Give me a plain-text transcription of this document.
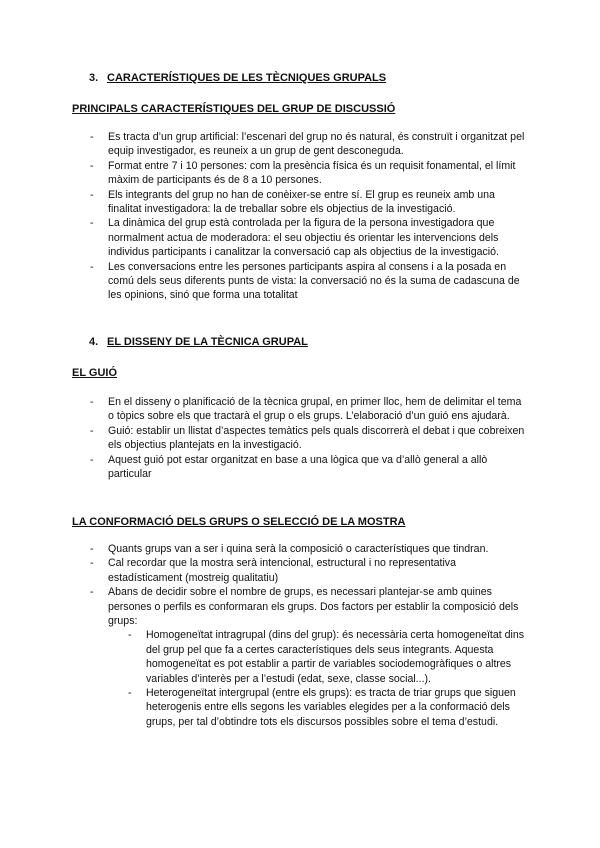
3. CARACTERÍSTIQUES DE LES TÈCNIQUES GRUPALS
PRINCIPALS CARACTERÍSTIQUES DEL GRUP DE DISCUSSIÓ
- Es tracta d’un grup artificial: l’escenari del grup no és natural, és construït i organitzat pel equip investigador, es reuneix a un grup de gent desconeguda.
- Format entre 7 i 10 persones: com la presència física és un requisit fonamental, el límit màxim de participants és de 8 a 10 persones.
- Els integrants del grup no han de conèixer-se entre sí. El grup es reuneix amb una finalitat investigadora: la de treballar sobre els objectius de la investigació.
- La dinàmica del grup està controlada per la figura de la persona investigadora que normalment actua de moderadora: el seu objectiu és orientar les intervencions dels individus participants i canalitzar la conversació cap als objectius de la investigació.
- Les conversacions entre les persones participants aspira al consens i a la posada en comú dels seus diferents punts de vista: la conversació no és la suma de cadascuna de les opinions, sinó que forma una totalitat
4. EL DISSENY DE LA TÈCNICA GRUPAL
EL GUIÓ
- En el disseny o planificació de la tècnica grupal, en primer lloc, hem de delimitar el tema o tòpics sobre els que tractarà el grup o els grups. L’elaboració d’un guió ens ajudarà.
- Guió: establir un llistat d’aspectes temàtics pels quals discorrerà el debat i que cobreixen els objectius plantejats en la investigació.
- Aquest guió pot estar organitzat en base a una lògica que va d’allò general a allò particular
LA CONFORMACIÓ DELS GRUPS O SELECCIÓ DE LA MOSTRA
- Quants grups van a ser i quina serà la composició o característiques que tindran.
- Cal recordar que la mostra serà intencional, estructural i no representativa estadísticament (mostreig qualitatiu)
- Abans de decidir sobre el nombre de grups, es necessari plantejar-se amb quines persones o perfils es conformaran els grups. Dos factors per establir la composició dels grups:
- Homogeneïtat intragrupal (dins del grup): és necessària certa homogeneïtat dins del grup pel que fa a certes característiques dels seus integrants. Aquesta homogeneïtat es pot establir a partir de variables sociodemogràfiques o altres variables d’interès per a l’estudi (edat, sexe, classe social...).
- Heterogeneïtat intergrupal (entre els grups): es tracta de triar grups que siguen heterogenis entre ells segons les variables elegides per a la conformació dels grups, per tal d’obtindre tots els discursos possibles sobre el tema d’estudi.
